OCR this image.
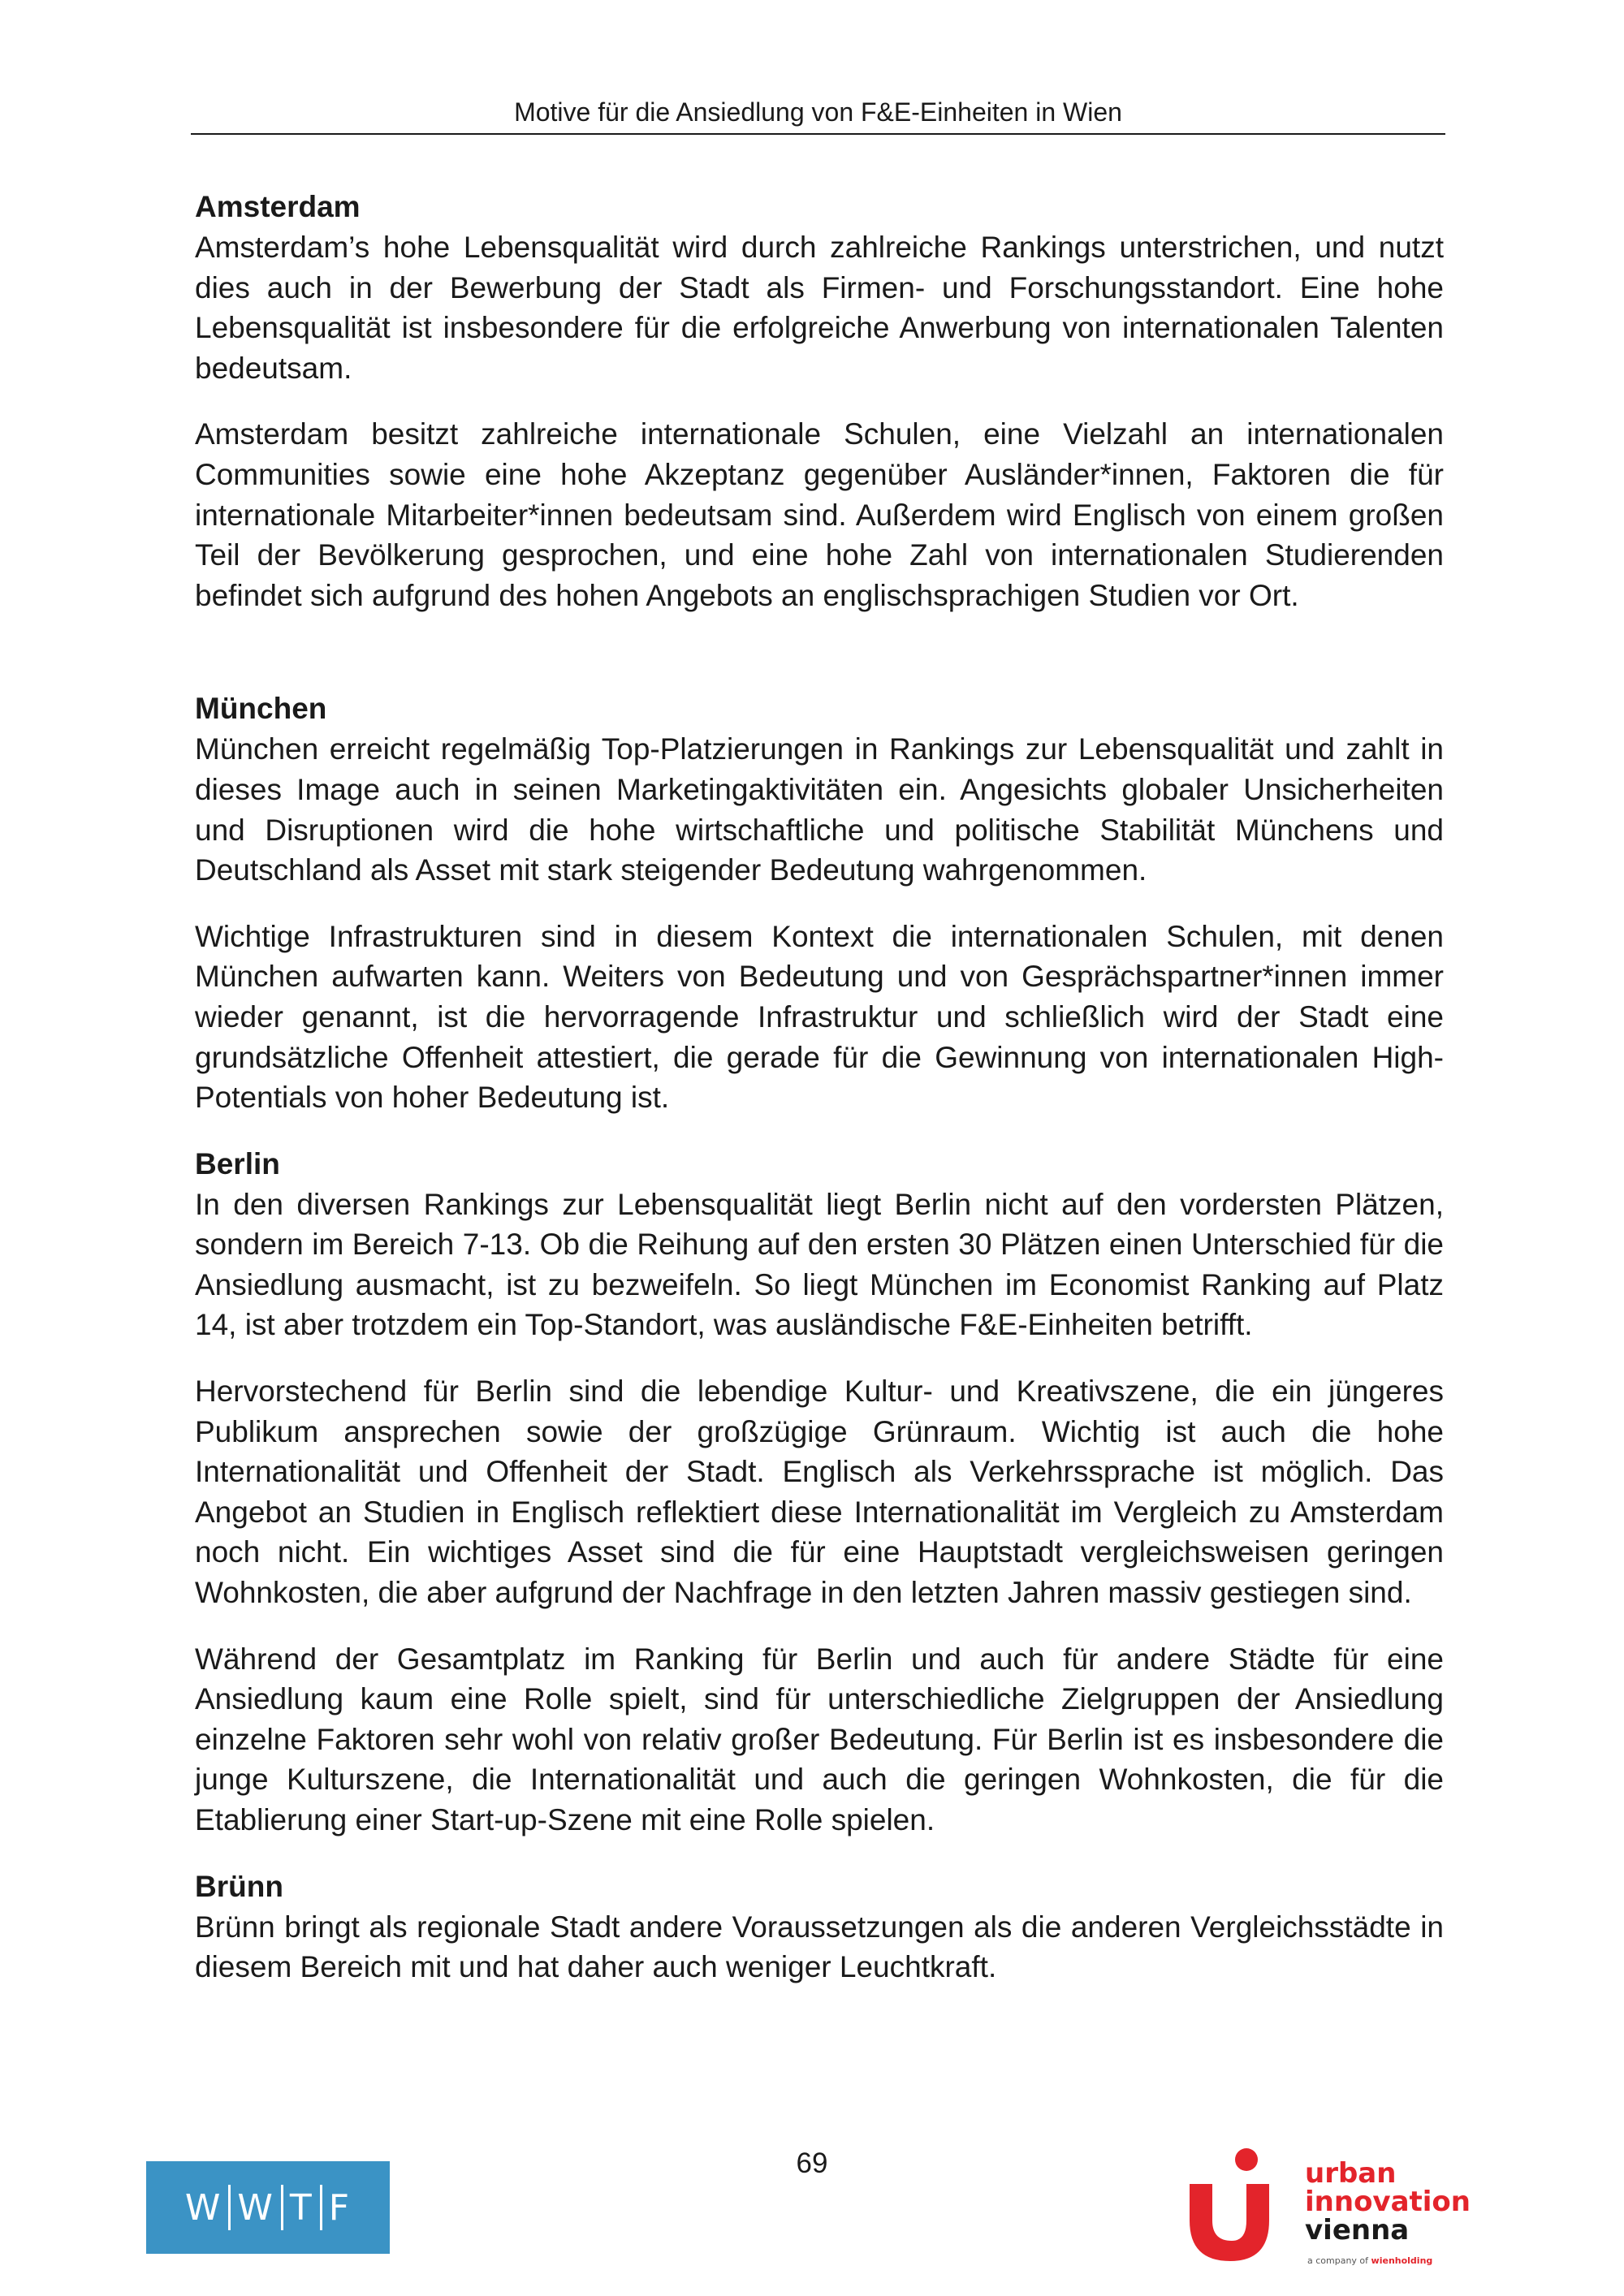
Motive für die Ansiedlung von F&E-Einheiten in Wien

Amsterdam

Amsterdam’s hohe Lebensqualität wird durch zahlreiche Rankings unterstrichen, und nutzt dies auch in der Bewerbung der Stadt als Firmen- und Forschungsstandort. Eine hohe Lebensqualität ist insbesondere für die erfolgreiche Anwerbung von internationalen Talenten bedeutsam.

Amsterdam besitzt zahlreiche internationale Schulen, eine Vielzahl an internationalen Communities sowie eine hohe Akzeptanz gegenüber Ausländer*innen, Faktoren die für internationale Mitarbeiter*innen bedeutsam sind. Außerdem wird Englisch von einem großen Teil der Bevölkerung gesprochen, und eine hohe Zahl von internationalen Studierenden befindet sich aufgrund des hohen Angebots an englischsprachigen Studien vor Ort.

München

München erreicht regelmäßig Top-Platzierungen in Rankings zur Lebensqualität und zahlt in dieses Image auch in seinen Marketingaktivitäten ein. Angesichts globaler Unsicherheiten und Disruptionen wird die hohe wirtschaftliche und politische Stabilität Münchens und Deutschland als Asset mit stark steigender Bedeutung wahrgenommen.

Wichtige Infrastrukturen sind in diesem Kontext die internationalen Schulen, mit denen München aufwarten kann. Weiters von Bedeutung und von Gesprächspartner*innen immer wieder genannt, ist die hervorragende Infrastruktur und schließlich wird der Stadt eine grundsätzliche Offenheit attestiert, die gerade für die Gewinnung von internationalen High-Potentials von hoher Bedeutung ist.

Berlin

In den diversen Rankings zur Lebensqualität liegt Berlin nicht auf den vordersten Plätzen, sondern im Bereich 7-13. Ob die Reihung auf den ersten 30 Plätzen einen Unterschied für die Ansiedlung ausmacht, ist zu bezweifeln. So liegt München im Economist Ranking auf Platz 14, ist aber trotzdem ein Top-Standort, was ausländische F&E-Einheiten betrifft.

Hervorstechend für Berlin sind die lebendige Kultur- und Kreativszene, die ein jüngeres Publikum ansprechen sowie der großzügige Grünraum. Wichtig ist auch die hohe Internationalität und Offenheit der Stadt. Englisch als Verkehrssprache ist möglich. Das Angebot an Studien in Englisch reflektiert diese Internationalität im Vergleich zu Amsterdam noch nicht. Ein wichtiges Asset sind die für eine Hauptstadt vergleichsweisen geringen Wohnkosten, die aber aufgrund der Nachfrage in den letzten Jahren massiv gestiegen sind.

Während der Gesamtplatz im Ranking für Berlin und auch für andere Städte für eine Ansiedlung kaum eine Rolle spielt, sind für unterschiedliche Zielgruppen der Ansiedlung einzelne Faktoren sehr wohl von relativ großer Bedeutung. Für Berlin ist es insbesondere die junge Kulturszene, die Internationalität und auch die geringen Wohnkosten, die für die Etablierung einer Start-up-Szene mit eine Rolle spielen.

Brünn

Brünn bringt als regionale Stadt andere Voraussetzungen als die anderen Vergleichsstädte in diesem Bereich mit und hat daher auch weniger Leuchtkraft.

69
W W T F
urban
innovation
vienna
a company of wienholding
